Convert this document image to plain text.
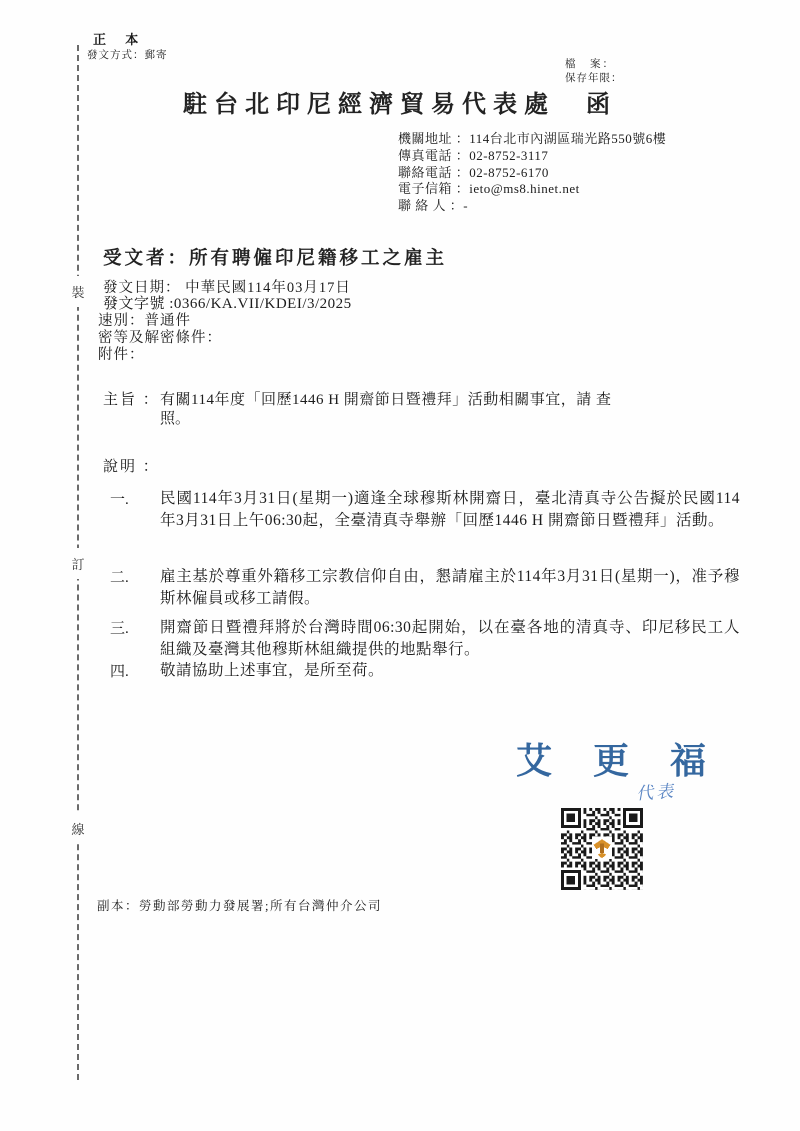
裝
訂
線
正 本
發文方式：郵寄
檔　案：
保存年限：
駐台北印尼經濟貿易代表處　函
機關地址 ：114台北市內湖區瑞光路550號6樓
傳真電話 ：02-8752-3117
聯絡電話 ：02-8752-6170
電子信箱 ：ieto@ms8.hinet.net
聯 絡 人 ：-
受文者：所有聘僱印尼籍移工之雇主
發文日期： 中華民國114年03月17日
發文字號 :0366/KA.VII/KDEI/3/2025
速別：普通件
密等及解密條件：
附件：
主旨 ： 有關114年度「回歷1446 H 開齋節日暨禮拜」活動相關事宜，請 查
照。
說明 ：
一.	民國114年3月31日(星期一)適逢全球穆斯林開齋日，臺北清真寺公告擬於民國114年3月31日上午06:30起，全臺清真寺舉辦「回歷1446 H 開齋節日暨禮拜」活動。
二.	雇主基於尊重外籍移工宗教信仰自由，懇請雇主於114年3月31日(星期一)，准予穆斯林僱員或移工請假。
三.	開齋節日暨禮拜將於台灣時間06:30起開始，以在臺各地的清真寺、印尼移民工人組織及臺灣其他穆斯林組織提供的地點舉行。
四.	敬請協助上述事宜，是所至荷。
艾 更 福
代表
副本：勞動部勞動力發展署;所有台灣仲介公司
